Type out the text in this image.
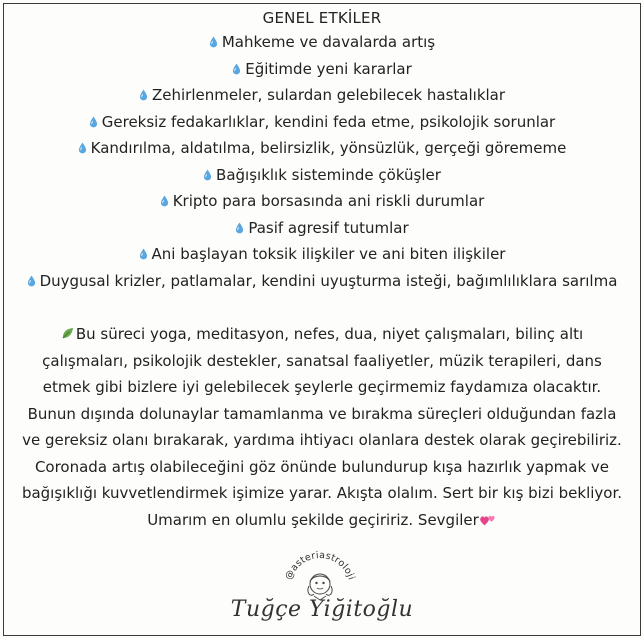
GENEL ETKİLER
Mahkeme ve davalarda artış
Eğitimde yeni kararlar
Zehirlenmeler, sulardan gelebilecek hastalıklar
Gereksiz fedakarlıklar, kendini feda etme, psikolojik sorunlar
Kandırılma, aldatılma, belirsizlik, yönsüzlük, gerçeği görememe
Bağışıklık sisteminde çöküşler
Kripto para borsasında ani riskli durumlar
Pasif agresif tutumlar
Ani başlayan toksik ilişkiler ve ani biten ilişkiler
Duygusal krizler, patlamalar, kendini uyuşturma isteği, bağımlılıklara sarılma

Bu süreci yoga, meditasyon, nefes, dua, niyet çalışmaları, bilinç altı çalışmaları, psikolojik destekler, sanatsal faaliyetler, müzik terapileri, dans etmek gibi bizlere iyi gelebilecek şeylerle geçirmemiz faydamıza olacaktır. Bunun dışında dolunaylar tamamlanma ve bırakma süreçleri olduğundan fazla ve gereksiz olanı bırakarak, yardıma ihtiyacı olanlara destek olarak geçirebiliriz. Coronada artış olabileceğini göz önünde bulundurup kışa hazırlık yapmak ve bağışıklığı kuvvetlendirmek işimize yarar. Akışta olalım. Sert bir kış bizi bekliyor. Umarım en olumlu şekilde geçiririz. Sevgiler

@asteriastroloji
Tuğçe Yiğitoğlu
